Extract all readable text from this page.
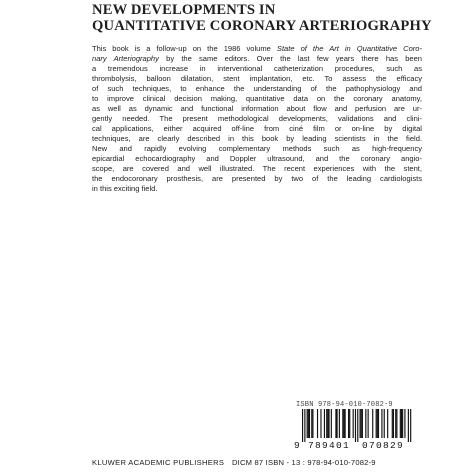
NEW DEVELOPMENTS IN
QUANTITATIVE CORONARY ARTERIOGRAPHY
This book is a follow-up on the 1986 volume State of the Art in Quantitative Coro-
nary Arteriography by the same editors. Over the last few years there has been
a tremendous increase in interventional catheterization procedures, such as
thrombolysis, balloon dilatation, stent implantation, etc. To assess the efficacy
of such techniques, to enhance the understanding of the pathophysiology and
to improve clinical decision making, quantitative data on the coronary anatomy,
as well as dynamic and functional information about flow and perfusion are ur-
gently needed. The present methodological developments, validations and clini-
cal applications, either acquired off-line from ciné film or on-line by digital
techniques, are clearly described in this book by leading scientists in the field.
New and rapidly evolving complementary methods such as high-frequency
epicardial echocardiography and Doppler ultrasound, and the coronary angio-
scope, are covered and well illustrated. The recent experiences with the stent,
the endocoronary prosthesis, are presented by two of the leading cardiologists
in this exciting field.
ISBN 978-94-010-7082-9
9 789401 070829
KLUWER ACADEMIC PUBLISHERS DICM 87 ISBN - 13 : 978-94-010-7082-9
